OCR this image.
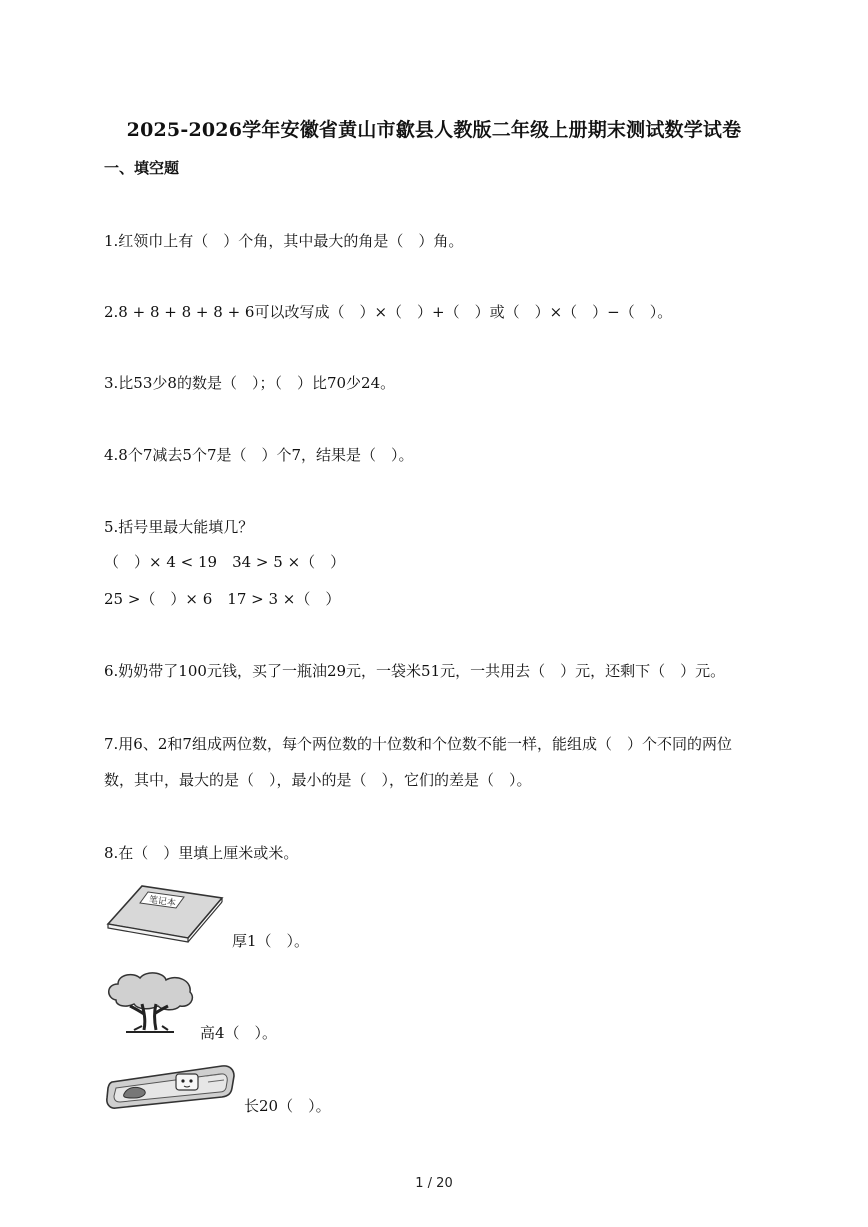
2025-2026学年安徽省黄山市歙县人教版二年级上册期末测试数学试卷
一、填空题
1.红领巾上有（　）个角，其中最大的角是（　）角。
2.8 + 8 + 8 + 8 + 6可以改写成（　）×（　）+（　）或（　）×（　）−（　）。
3.比53少8的数是（　）；（　）比70少24。
4.8个7减去5个7是（　）个7，结果是（　）。
5.括号里最大能填几？
（　）× 4 < 19　34 > 5 ×（　）
25 >（　）× 6　17 > 3 ×（　）
6.奶奶带了100元钱，买了一瓶油29元，一袋米51元，一共用去（　）元，还剩下（　）元。
7.用6、2和7组成两位数，每个两位数的十位数和个位数不能一样，能组成（　）个不同的两位
数，其中，最大的是（　），最小的是（　），它们的差是（　）。
8.在（　）里填上厘米或米。
笔记本
厚1（　）。
高4（　）。
长20（　）。
1 / 20
